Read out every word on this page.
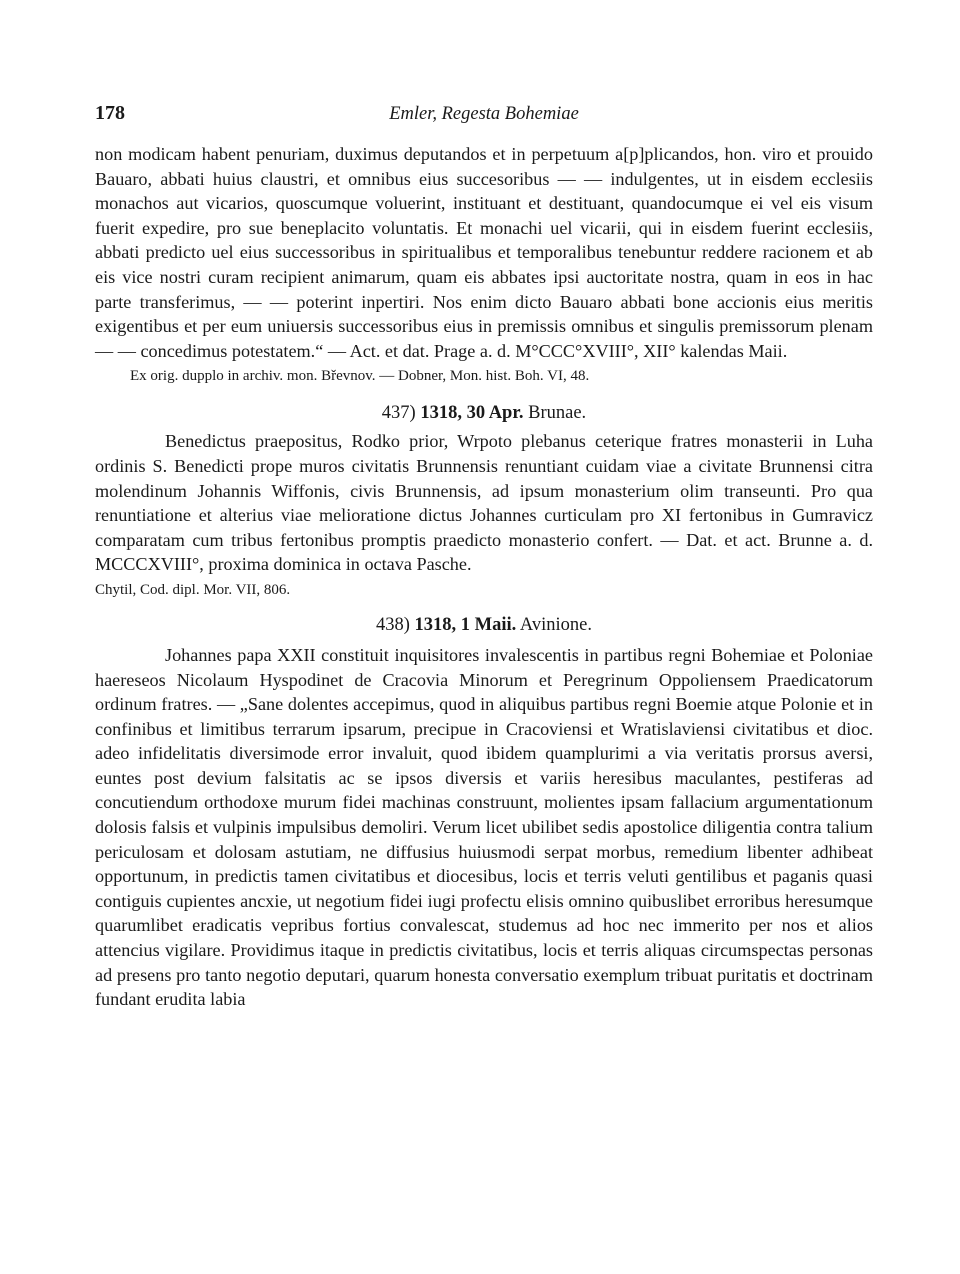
178	Emler, Regesta Bohemiae

non modicam habent penuriam, duximus deputandos et in perpetuum a[p]plicandos, hon. viro et prouido Bauaro, abbati huius claustri, et omnibus eius succesoribus — — indulgentes, ut in eisdem ecclesiis monachos aut vicarios, quoscumque voluerint, instituant et destituant, quandocumque ei vel eis visum fuerit expedire, pro sue beneplacito voluntatis. Et monachi uel vicarii, qui in eisdem fuerint ecclesiis, abbati predicto uel eius successoribus in spiritualibus et temporalibus tenebuntur reddere racionem et ab eis vice nostri curam recipient animarum, quam eis abbates ipsi auctoritate nostra, quam in eos in hac parte transferimus, — — poterint inpertiri. Nos enim dicto Bauaro abbati bone accionis eius meritis exigentibus et per eum uniuersis successoribus eius in premissis omnibus et singulis premissorum plenam — — concedimus potestatem.“ — Act. et dat. Prage a. d. M°CCC°XVIII°, XII° kalendas Maii.

Ex orig. dupplo in archiv. mon. Břevnov. — Dobner, Mon. hist. Boh. VI, 48.

437) 1318, 30 Apr. Brunae.

Benedictus praepositus, Rodko prior, Wrpoto plebanus ceterique fratres monasterii in Luha ordinis S. Benedicti prope muros civitatis Brunnensis renuntiant cuidam viae a civitate Brunnensi citra molendinum Johannis Wiffonis, civis Brunnensis, ad ipsum monasterium olim transeunti. Pro qua renuntiatione et alterius viae melioratione dictus Johannes curticulam pro XI fertonibus in Gumravicz comparatam cum tribus fertonibus promptis praedicto monasterio confert. — Dat. et act. Brunne a. d. MCCCXVIII°, proxima dominica in octava Pasche.

Chytil, Cod. dipl. Mor. VII, 806.

438) 1318, 1 Maii. Avinione.

Johannes papa XXII constituit inquisitores invalescentis in partibus regni Bohemiae et Poloniae haereseos Nicolaum Hyspodinet de Cracovia Minorum et Peregrinum Oppoliensem Praedicatorum ordinum fratres. — „Sane dolentes accepimus, quod in aliquibus partibus regni Boemie atque Polonie et in confinibus et limitibus terrarum ipsarum, precipue in Cracoviensi et Wratislaviensi civitatibus et dioc. adeo infidelitatis diversimode error invaluit, quod ibidem quamplurimi a via veritatis prorsus aversi, euntes post devium falsitatis ac se ipsos diversis et variis heresibus maculantes, pestiferas ad concutiendum orthodoxe murum fidei machinas construunt, molientes ipsam fallacium argumentationum dolosis falsis et vulpinis impulsibus demoliri. Verum licet ubilibet sedis apostolice diligentia contra talium periculosam et dolosam astutiam, ne diffusius huiusmodi serpat morbus, remedium libenter adhibeat opportunum, in predictis tamen civitatibus et diocesibus, locis et terris veluti gentilibus et paganis quasi contiguis cupientes ancxie, ut negotium fidei iugi profectu elisis omnino quibuslibet erroribus heresumque quarumlibet eradicatis vepribus fortius convalescat, studemus ad hoc nec immerito per nos et alios attencius vigilare. Providimus itaque in predictis civitatibus, locis et terris aliquas circumspectas personas ad presens pro tanto negotio deputari, quarum honesta conversatio exemplum tribuat puritatis et doctrinam fundant erudita labia
